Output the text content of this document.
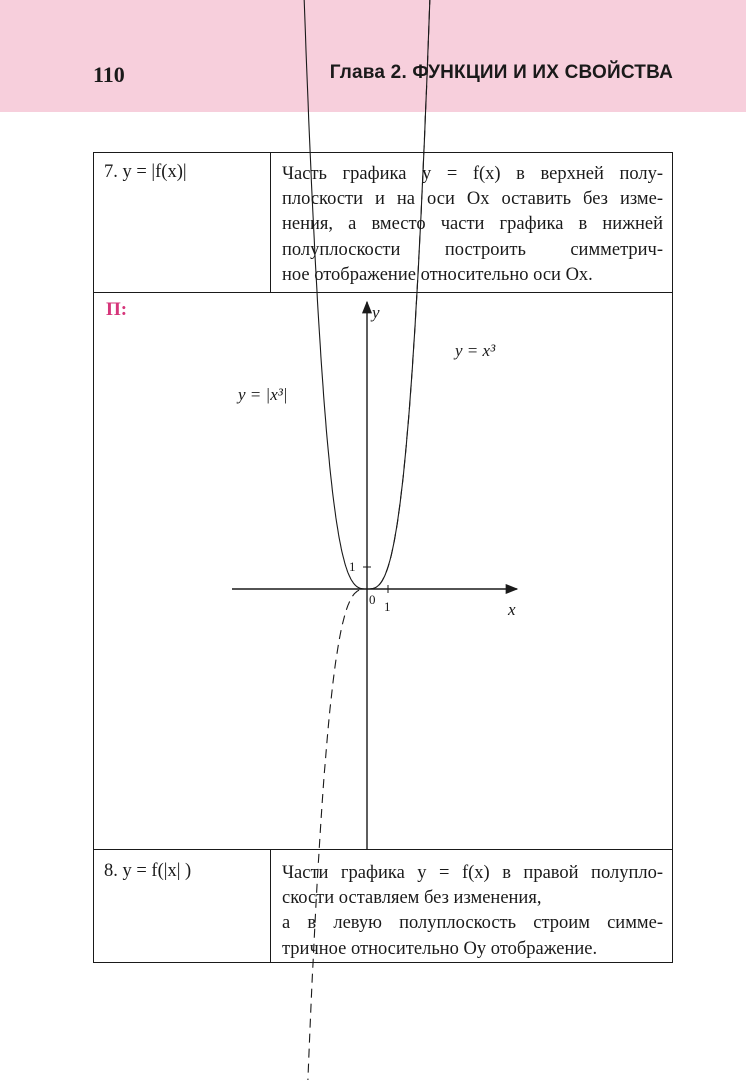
110	Глава 2. ФУНКЦИИ И ИХ СВОЙСТВА
7. y = |f(x)|	Часть графика y = f(x) в верхней полу-
плоскости и на оси Ox оставить без изме-
нения, а вместо части графика в нижней
полуплоскости построить симметрич-
ное отображение относительно оси Ox.
П:
8. y = f(|x| )	Части графика y = f(x) в правой полупло-
скости оставляем без изменения,
а в левую полуплоскость строим симме-
тричное относительно Oy отображение.
y
x
0 1
1
y = |x³|
y = x³
